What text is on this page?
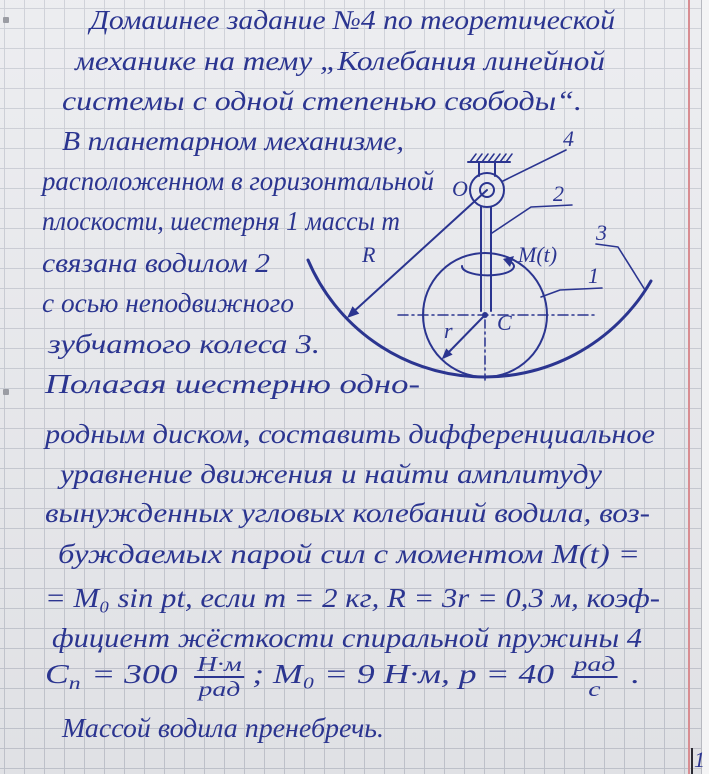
4
2
3
1
O
R	M(t)
r C
Домашнее задание №4 по теоретической
механике на тему „Колебания линейной
системы с одной степенью свободы“.
В планетарном механизме,
расположенном в горизонтальной
плоскости, шестерня 1 массы m
связана водилом 2
с осью неподвижного
зубчатого колеса 3.
Полагая шестерню одно-
родным диском, составить дифференциальное
уравнение движения и найти амплитуду
вынужденных угловых колебаний водила, воз-
буждаемых парой сил с моментом M(t) =
= M₀ sin pt, если m = 2 кг, R = 3r = 0,3 м, коэф-
фициент жёсткости спиральной пружины 4
$C_п = 300 \frac{Н\cdot м}{\text{рад}}$ ; M₀ = 9 Н·м, $p = 40 \frac{\text{рад}}{с}$ .
Массой водила пренебречь.
1
